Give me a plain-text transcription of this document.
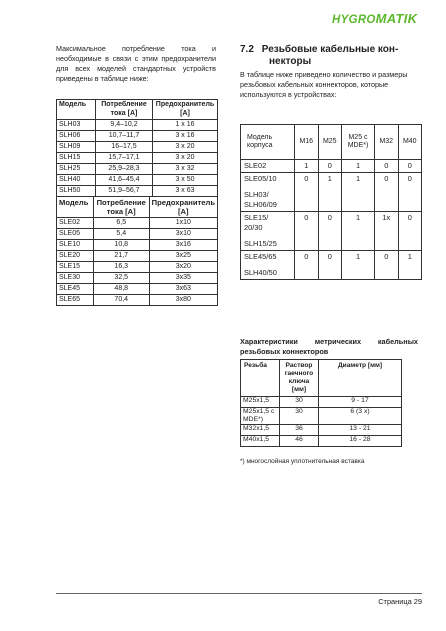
HYGROMATIK
Максимальное потребление тока и необходимые в связи с этим предохранители для всех моделей стандартных устройств приведены в таблице ниже:
Модель	Потребление тока [A]	Предохранитель [A]
SLH03	9,4–10,2	1 x 16
SLH06	10,7–11,7	3 x 16
SLH09	16–17,5	3 x 20
SLH15	15,7–17,1	3 x 20
SLH25	25,9–28,3	3 x 32
SLH40	41,6–45,4	3 x 50
SLH50	51,9–56,7	3 x 63
Модель	Потребление тока [A]	Предохранитель [A]
SLE02	6,5	1x10
SLE05	5,4	3x10
SLE10	10,8	3x16
SLE20	21,7	3x25
SLE15	16,3	3x20
SLE30	32,5	3x35
SLE45	48,8	3x63
SLE65	70,4	3x80
7.2 Резьбовые кабельные кон-
некторы
В таблице ниже приведено количество и размеры резьбовых кабельных коннекторов, которые используются в устройствах:
Модель корпуса	M16	M25	M25 с MDE*)	M32	M40

SLE02	1	0	1	0	0

SLE05/10
SLH03/
SLH06/09	0	1	1	0	0

SLE15/
20/30
SLH15/25	0	0	1	1x	0

SLE45/65
SLH40/50	0	0	1	0	1
Характеристики метрических кабельных резьбовых коннекторов
Резьба	Раствор гаечного ключа [мм]	Диаметр [мм]
M25x1,5	30	9 - 17
M25x1,5 с MDE*)	30	6 (3 x)
M32x1,5	36	13 - 21
M40x1,5	46	16 - 28
*) многослойная уплотнительная вставка
Страница 29
